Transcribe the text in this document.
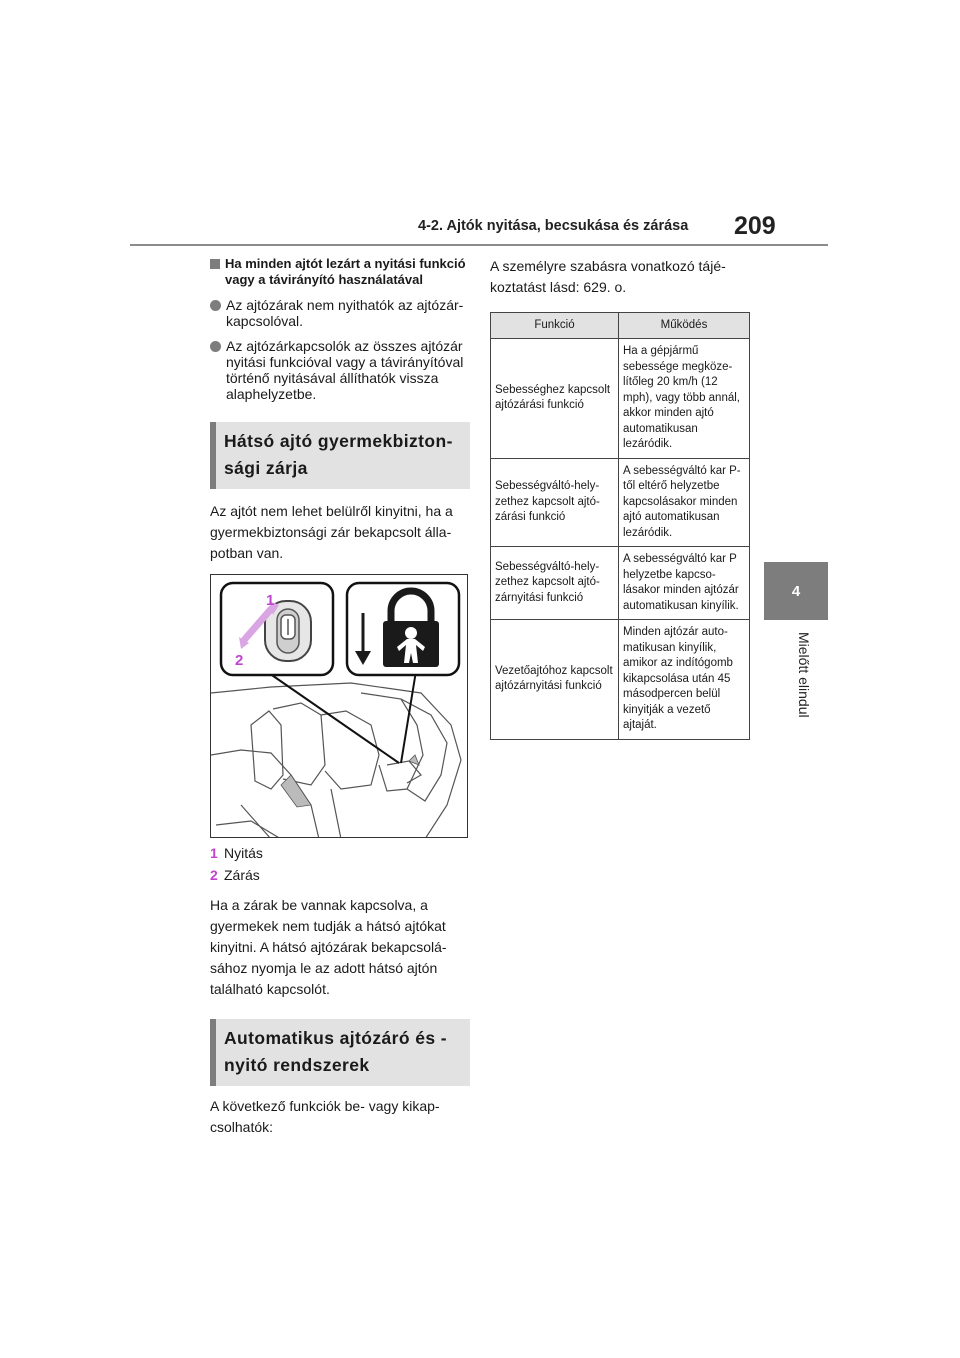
4-2. Ajtók nyitása, becsukása és zárása 209
4
Mielőtt elindul
Ha minden ajtót lezárt a nyitási funkció vagy a távirányító használatával
Az ajtózárak nem nyithatók az ajtózárkapcsolóval.
Az ajtózárkapcsolók az összes ajtózár nyitási funkcióval vagy a távirányítóval történő nyitásával állíthatók vissza alaphelyzetbe.
Hátsó ajtó gyermekbiztonsági zárja

Az ajtót nem lehet belülről kinyitni, ha a gyermekbiztonsági zár bekapcsolt állapotban van.

1
2
1 Nyitás
2 Zárás

Ha a zárak be vannak kapcsolva, a gyermekek nem tudják a hátsó ajtókat kinyitni. A hátsó ajtózárak bekapcsolásához nyomja le az adott hátsó ajtón található kapcsolót.

Automatikus ajtózáró és -nyitó rendszerek

A következő funkciók be- vagy kikapcsolhatók:

A személyre szabásra vonatkozó tájékoztatást lásd: 629. o.

Funkció	Működés
Sebességhez kapcsolt ajtózárási funkció	Ha a gépjármű sebessége megközelítőleg 20 km/h (12 mph), vagy több annál, akkor minden ajtó automatikusan lezáródik.
Sebességváltó-helyzethez kapcsolt ajtózárási funkció	A sebességváltó kar P-től eltérő helyzetbe kapcsolásakor minden ajtó automatikusan lezáródik.
Sebességváltó-helyzethez kapcsolt ajtózárnyitási funkció	A sebességváltó kar P helyzetbe kapcsolásakor minden ajtózár automatikusan kinyílik.
Vezetőajtóhoz kapcsolt ajtózárnyitási funkció	Minden ajtózár automatikusan kinyílik, amikor az indítógomb kikapcsolása után 45 másodpercen belül kinyitják a vezető ajtaját.
